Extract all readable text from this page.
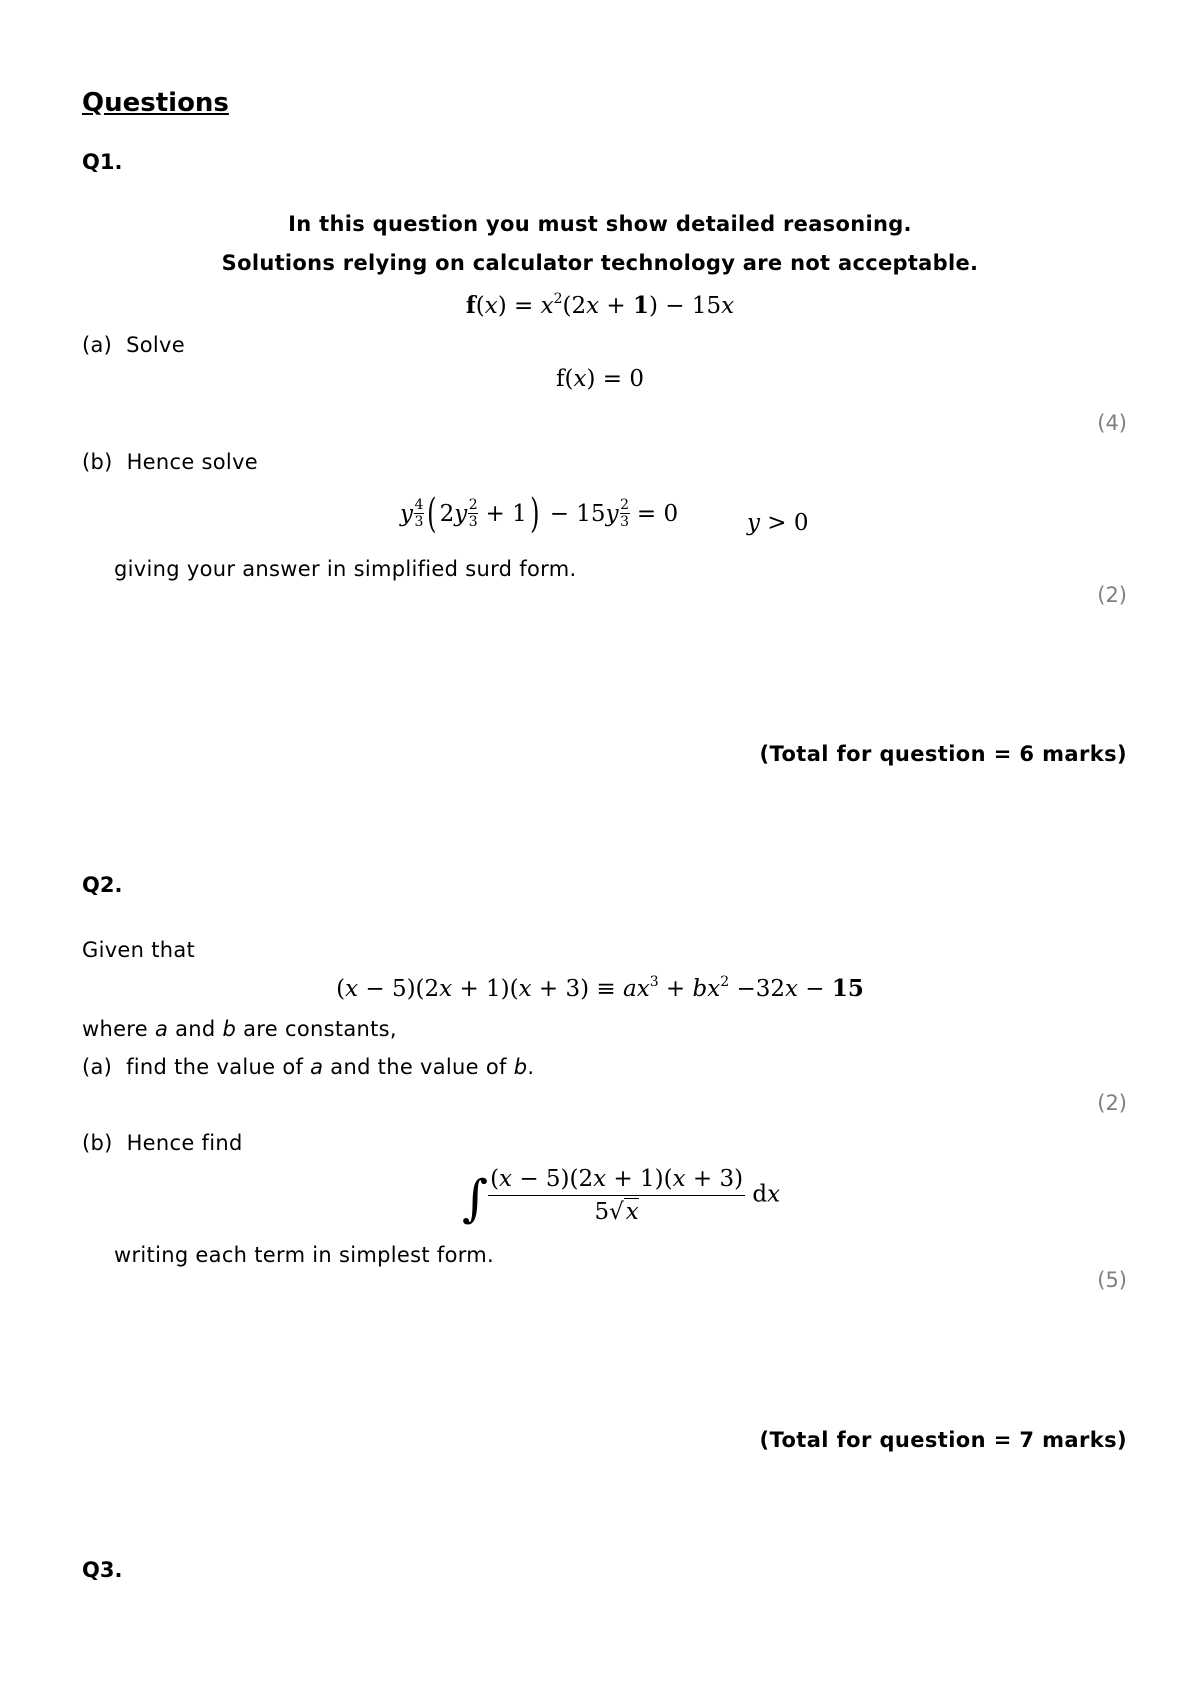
Questions
Q1.
In this question you must show detailed reasoning.
Solutions relying on calculator technology are not acceptable.
$f(x) = x^2(2x + 1) - 15x$
(a) Solve
f(x) = 0
(4)
(b) Hence solve
y $\frac{4}{3}$ ( $2y \frac{2}{3} + 1) - 15y \frac{2}{3} = 0$	y > 0
giving your answer in simplified surd form.
(2)
(Total for question = 6 marks)
Q2.
Given that
$(x - 5)(2x + 1)(x + 3) \equiv ax^3 + bx^2 -32x - 15$
where a and b are constants,
(a) find the value of a and the value of b.
(2)
(b) Hence find
∫ $\frac{(x - 5)(2x + 1)(x + 3)}{5√x}$ dx
writing each term in simplest form.
(5)
(Total for question = 7 marks)
Q3.
